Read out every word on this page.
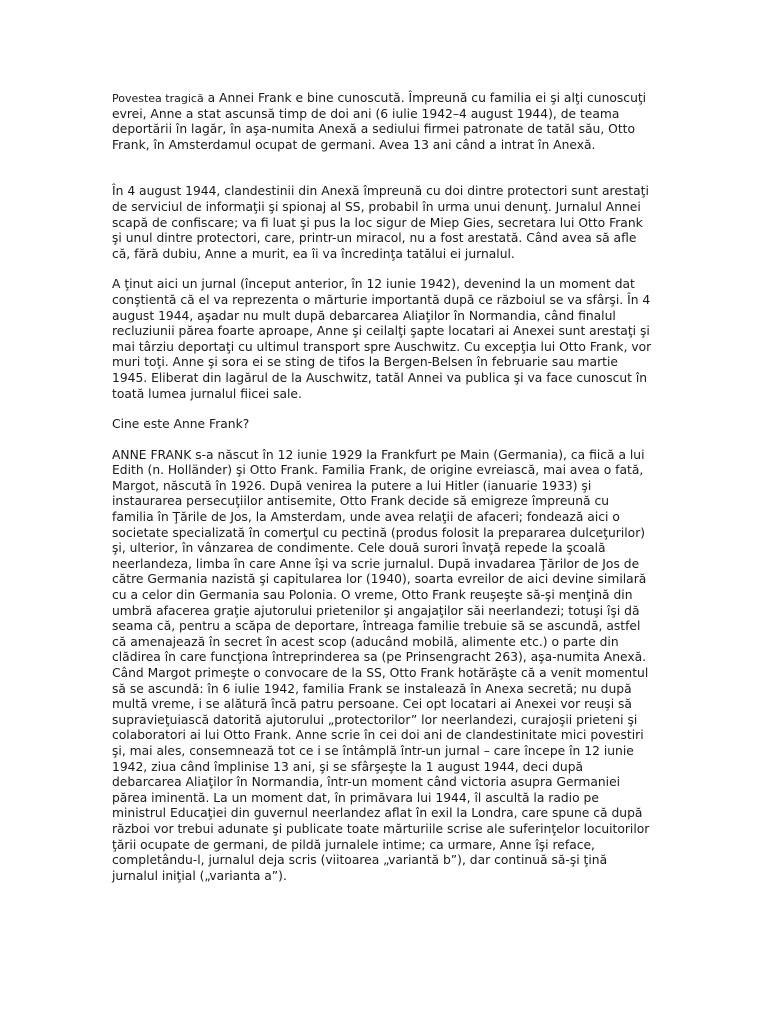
Povestea tragică a Annei Frank e bine cunoscută. Împreună cu familia ei şi alţi cunoscuţi evrei, Anne a stat ascunsă timp de doi ani (6 iulie 1942–4 august 1944), de teama deportării în lagăr, în aşa-numita Anexă a sediului firmei patronate de tatăl său, Otto Frank, în Amsterdamul ocupat de germani. Avea 13 ani când a intrat în Anexă.

În 4 august 1944, clandestinii din Anexă împreună cu doi dintre protectori sunt arestaţi de serviciul de informaţii şi spionaj al SS, probabil în urma unui denunţ. Jurnalul Annei scapă de confiscare; va fi luat şi pus la loc sigur de Miep Gies, secretara lui Otto Frank şi unul dintre protectori, care, printr-un miracol, nu a fost arestată. Când avea să afle că, fără dubiu, Anne a murit, ea îi va încredinţa tatălui ei jurnalul.

A ţinut aici un jurnal (început anterior, în 12 iunie 1942), devenind la un moment dat conştientă că el va reprezenta o mărturie importantă după ce războiul se va sfârşi. În 4 august 1944, aşadar nu mult după debarcarea Aliaţilor în Normandia, când finalul recluziunii părea foarte aproape, Anne şi ceilalţi şapte locatari ai Anexei sunt arestaţi şi mai târziu deportaţi cu ultimul transport spre Auschwitz. Cu excepţia lui Otto Frank, vor muri toţi. Anne şi sora ei se sting de tifos la Bergen-Belsen în februarie sau martie 1945. Eliberat din lagărul de la Auschwitz, tatăl Annei va publica şi va face cunoscut în toată lumea jurnalul fiicei sale.

Cine este Anne Frank?

ANNE FRANK s-a născut în 12 iunie 1929 la Frankfurt pe Main (Germania), ca fiică a lui Edith (n. Holländer) şi Otto Frank. Familia Frank, de origine evreiască, mai avea o fată, Margot, născută în 1926. După venirea la putere a lui Hitler (ianuarie 1933) şi instaurarea persecuţiilor antisemite, Otto Frank decide să emigreze împreună cu familia în Ţările de Jos, la Amsterdam, unde avea relaţii de afaceri; fondează aici o societate specializată în comerţul cu pectină (produs folosit la prepararea dulceţurilor) şi, ulterior, în vânzarea de condimente. Cele două surori învaţă repede la şcoală neerlandeza, limba în care Anne îşi va scrie jurnalul. După invadarea Ţărilor de Jos de către Germania nazistă şi capitularea lor (1940), soarta evreilor de aici devine similară cu a celor din Germania sau Polonia. O vreme, Otto Frank reuşeşte să-şi menţină din umbră afacerea graţie ajutorului prietenilor şi angajaţilor săi neerlandezi; totuşi îşi dă seama că, pentru a scăpa de deportare, întreaga familie trebuie să se ascundă, astfel că amenajează în secret în acest scop (aducând mobilă, alimente etc.) o parte din clădirea în care funcţiona întreprinderea sa (pe Prinsengracht 263), aşa-numita Anexă.

Când Margot primeşte o convocare de la SS, Otto Frank hotărăşte că a venit momentul să se ascundă: în 6 iulie 1942, familia Frank se instalează în Anexa secretă; nu după multă vreme, i se alătură încă patru persoane. Cei opt locatari ai Anexei vor reuşi să supravieţuiască datorită ajutorului „protectorilor” lor neerlandezi, curajoşii prieteni şi colaboratori ai lui Otto Frank. Anne scrie în cei doi ani de clandestinitate mici povestiri şi, mai ales, consemnează tot ce i se întâmplă într-un jurnal – care începe în 12 iunie 1942, ziua când împlinise 13 ani, şi se sfârşeşte la 1 august 1944, deci după debarcarea Aliaţilor în Normandia, într-un moment când victoria asupra Germaniei părea iminentă. La un moment dat, în primăvara lui 1944, îl ascultă la radio pe ministrul Educaţiei din guvernul neerlandez aflat în exil la Londra, care spune că după război vor trebui adunate şi publicate toate mărturiile scrise ale suferinţelor locuitorilor ţării ocupate de germani, de pildă jurnalele intime; ca urmare, Anne îşi reface, completându-l, jurnalul deja scris (viitoarea „variantă b”), dar continuă să-şi ţină jurnalul iniţial („varianta a”).
